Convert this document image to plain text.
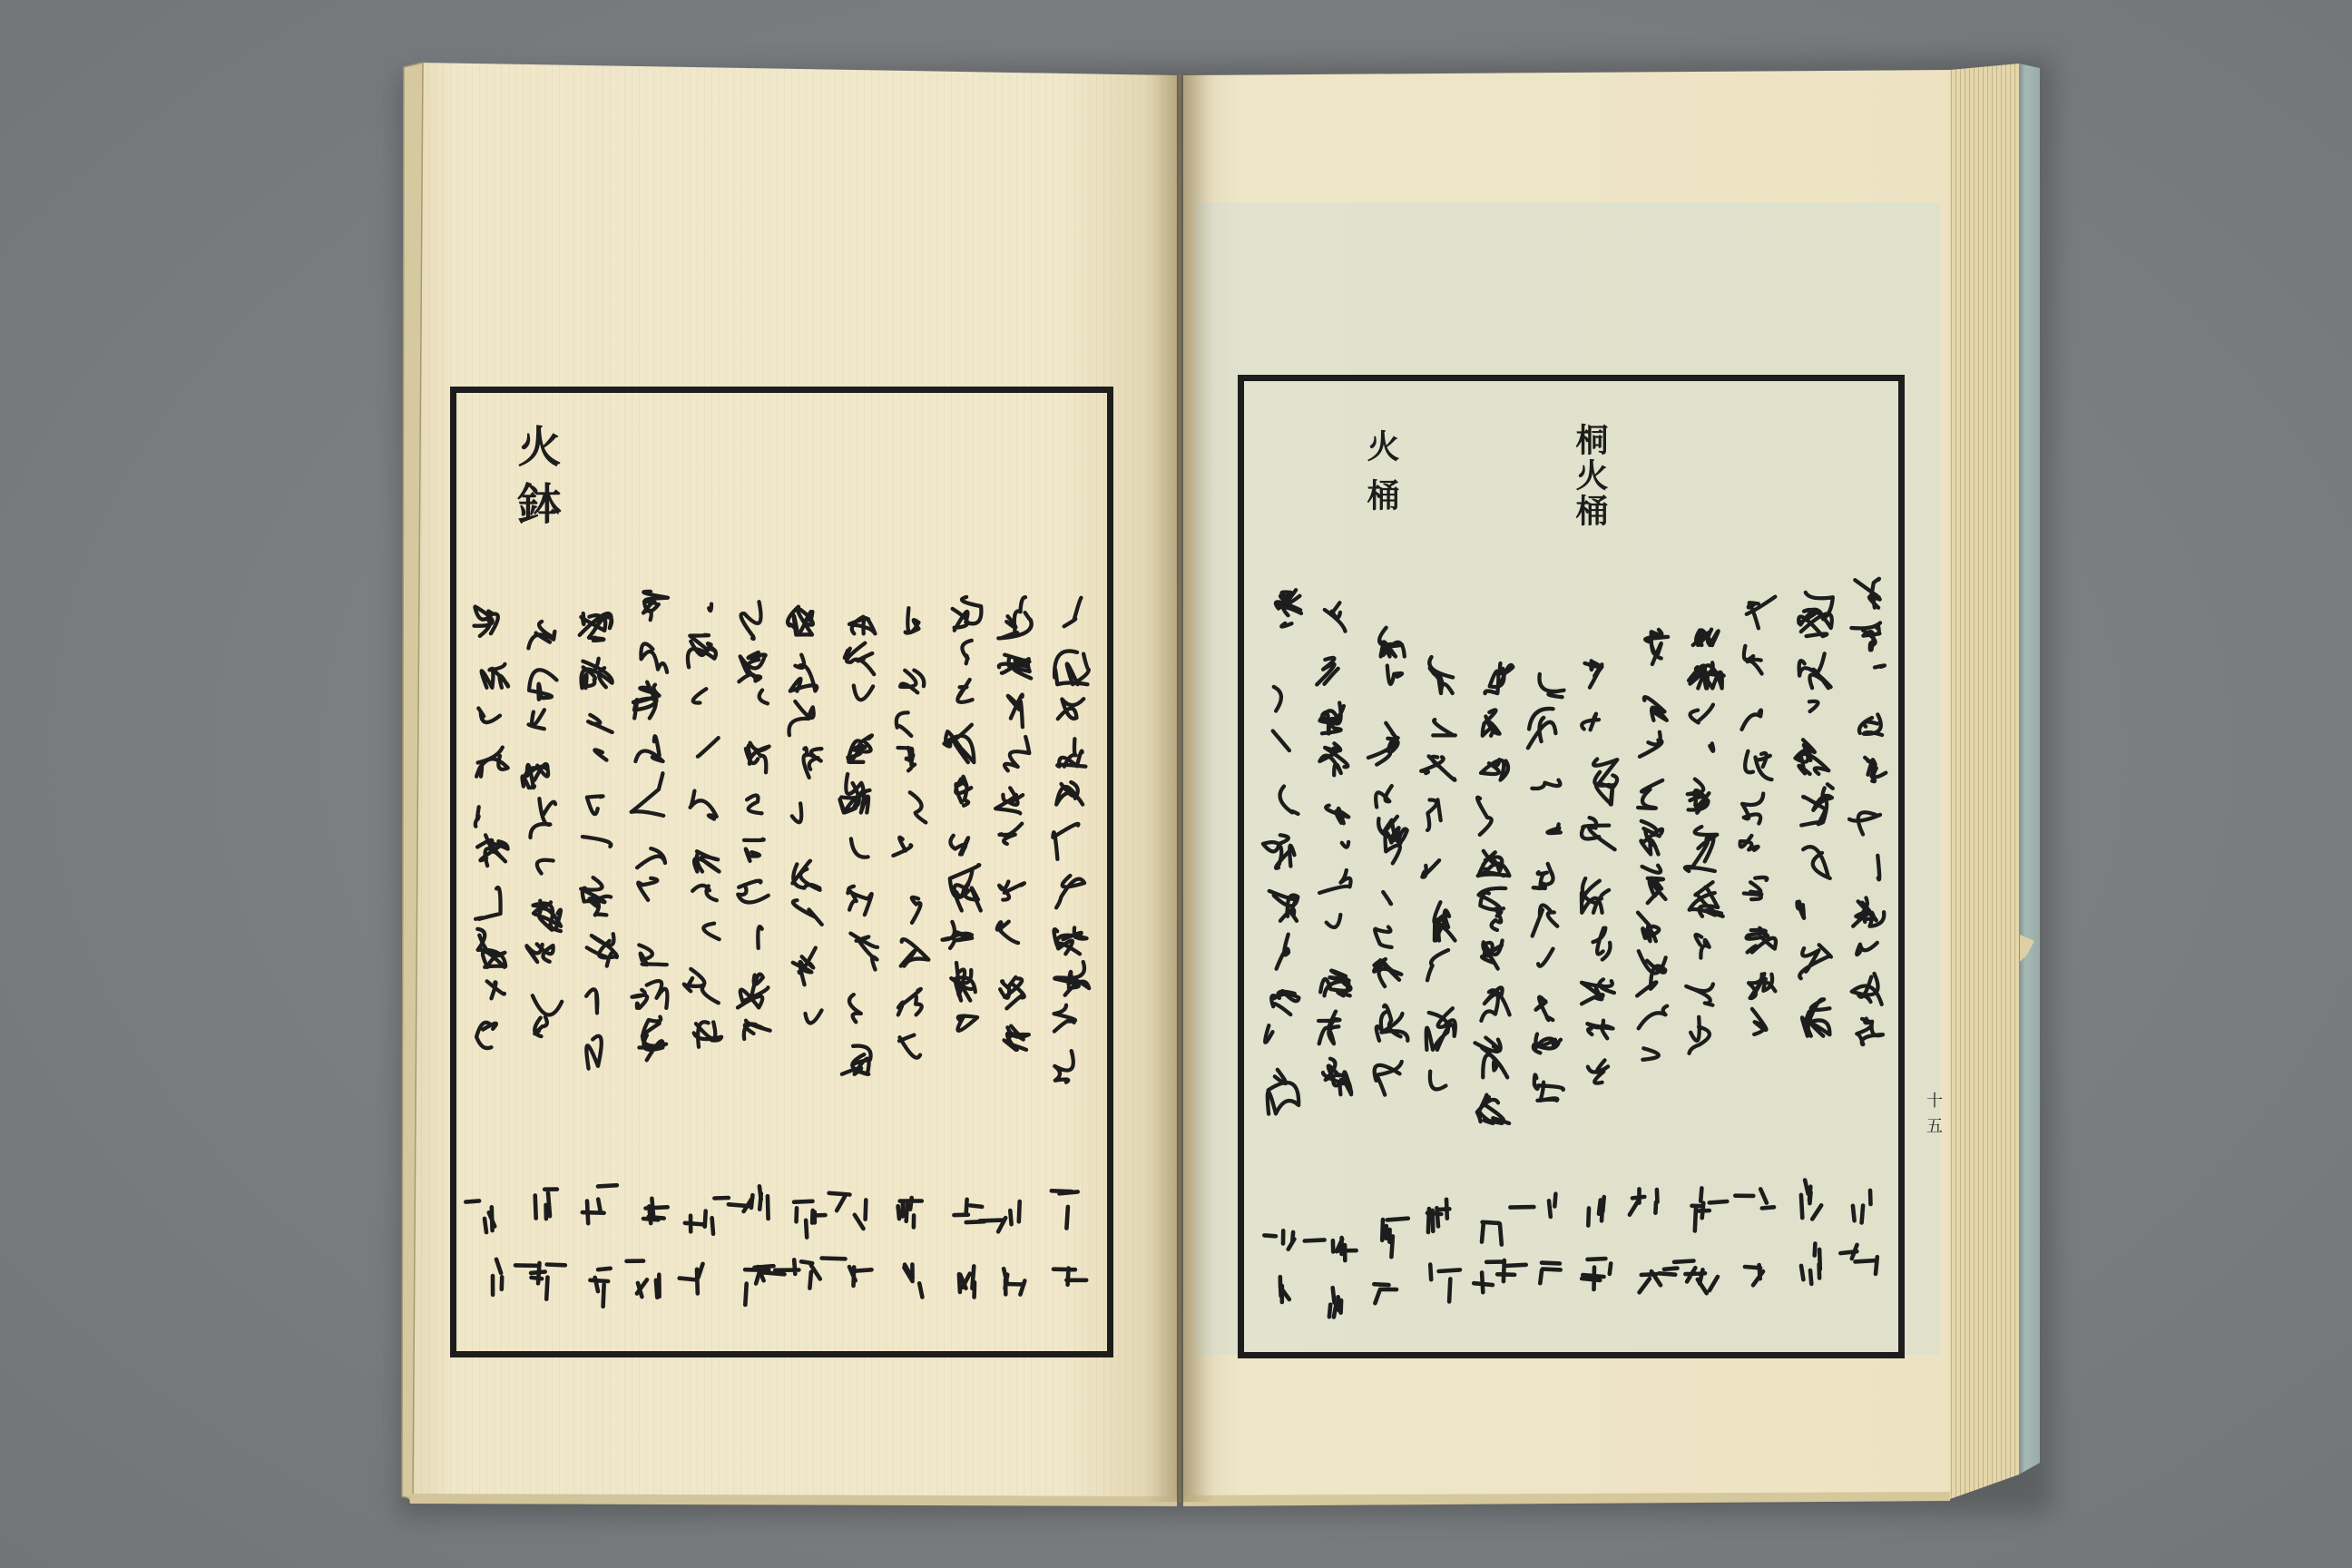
火鉢	桐火桶
火桶
十五
